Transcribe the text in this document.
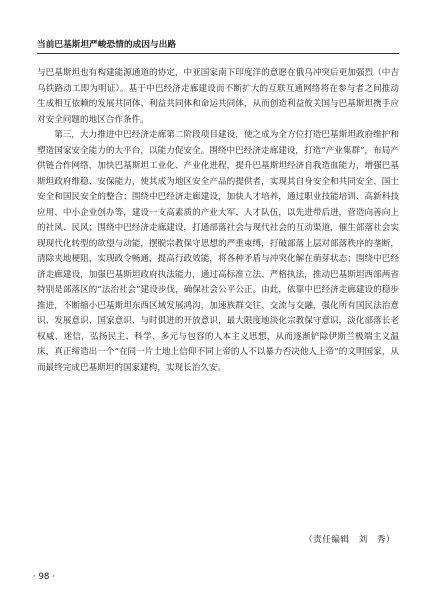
当前巴基斯坦严峻恐情的成因与出路

与巴基斯坦也有构建能源通道的协定，中亚国家南下印度洋的意愿在俄乌冲突后更加强烈（中吉乌铁路动工即为明证）。基于中巴经济走廊建设而不断扩大的互联互通网络将在参与者之间推动生成相互依赖的发展共同体、利益共同体和命运共同体，从而创造利益攸关国与巴基斯坦携手应对安全问题的地区合作条件。

第三，大力推进中巴经济走廊第二阶段项目建设，使之成为全方位打造巴基斯坦政府维护和塑造国家安全能力的大平台，以能力促安全。围绕中巴经济走廊建设，打造“产业集群”，布局产供链合作网络，加快巴基斯坦工业化、产业化进程，提升巴基斯坦经济自我造血能力，增强巴基斯坦政府维稳、安保能力，使其成为地区安全产品的提供者，实现其自身安全和共同安全、国土安全和国民安全的整合；围绕中巴经济走廊建设，加快人才培养，通过职业技能培训、高新科技应用、中小企业创办等，建设一支高素质的产业大军、人才队伍，以先进带后进，营造向善向上的社风、民风；围绕中巴经济走廊建设，打通部落社会与现代社会的互动渠道，催生部落社会实现现代化转型的欲望与动能，摆脱宗教保守思想的严重束缚，打破部落上层对部落秩序的垄断，清除夹地梗阻，实现政令畅通，提高行政效能，将各种矛盾与冲突化解在萌芽状态；围绕中巴经济走廊建设，加强巴基斯坦政府执法能力，通过高标准立法、严格执法，推动巴基斯坦西部两省特别是部落区的“法治社会”建设步伐，确保社会公平公正。由此，依靠中巴经济走廊建设的稳步推进，不断缩小巴基斯坦东西区域发展鸿沟，加速族群交往、交流与交融，强化所有国民法治意识、发展意识、国家意识、与时俱进的开放意识，最大限度地淡化宗教保守意识，淡化部落长老权威、迷信，弘扬民主、科学、多元与包容的人本主义思想，从而逐渐铲除伊斯兰极端主义温床，真正缔造出一个“在同一片土地上信仰不同上帝的人不以暴力否决他人上帝”的文明国家，从而最终完成巴基斯坦的国家建构，实现长治久安。

（责任编辑　刘　秀）
· 98 ·
